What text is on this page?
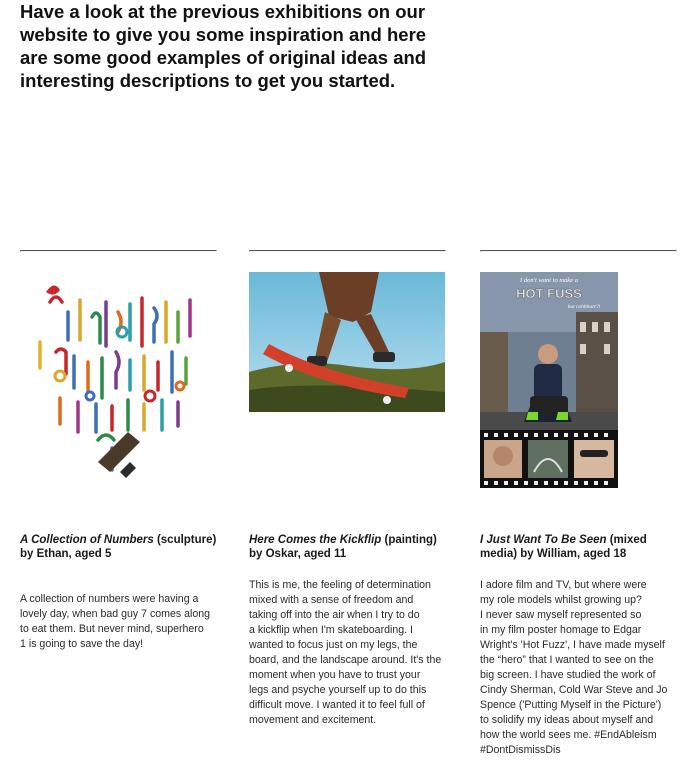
Have a look at the previous exhibitions on our
website to give you some inspiration and here
are some good examples of original ideas and
interesting descriptions to get you started.
A Collection of Numbers (sculpture)
by Ethan, aged 5

A collection of numbers were having a
lovely day, when bad guy 7 comes along
to eat them. But never mind, superhero
1 is going to save the day!

Here Comes the Kickflip (painting)
by Oskar, aged 11

This is me, the feeling of determination
mixed with a sense of freedom and
taking off into the air when I try to do
a kickflip when I'm skateboarding. I
wanted to focus just on my legs, the
board, and the landscape around. It's the
moment when you have to trust your
legs and psyche yourself up to do this
difficult move. I wanted it to feel full of
movement and excitement.

I don't want to make a
HOT FUSS
but cohhhurt?!
I Just Want To Be Seen (mixed
media) by William, aged 18

I adore film and TV, but where were
my role models whilst growing up?
I never saw myself represented so
in my film poster homage to Edgar
Wright's 'Hot Fuzz', I have made myself
the “hero” that I wanted to see on the
big screen. I have studied the work of
Cindy Sherman, Cold War Steve and Jo
Spence ('Putting Myself in the Picture')
to solidify my ideas about myself and
how the world sees me. #EndAbleism
#DontDismissDis
